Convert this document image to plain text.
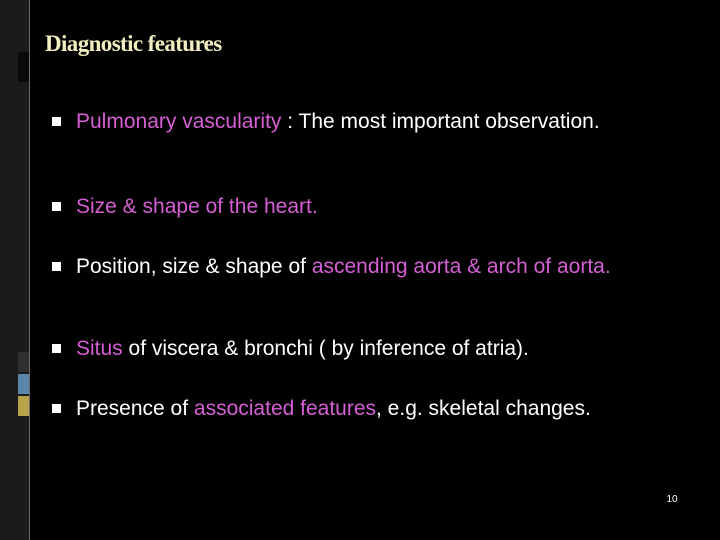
Diagnostic features
Pulmonary vascularity : The most important observation.
Size & shape of the heart.
Position, size & shape of ascending aorta & arch of aorta.
Situs of viscera & bronchi ( by inference of atria).
Presence of associated features, e.g. skeletal changes.
10
